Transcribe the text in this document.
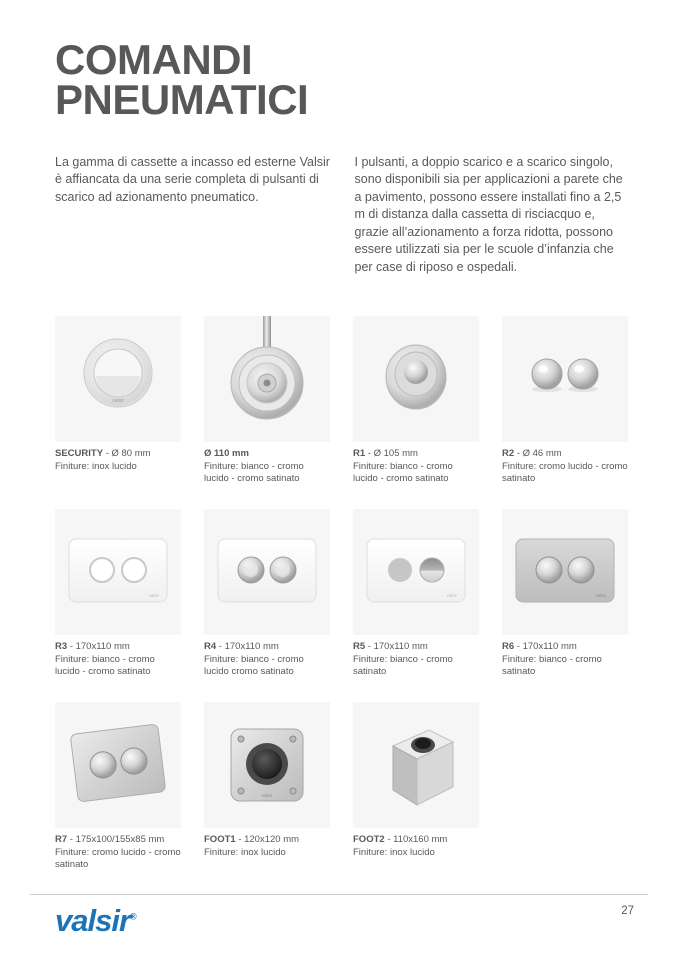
COMANDI
PNEUMATICI

La gamma di cassette a incasso ed esterne Valsir è affiancata da una serie completa di pulsanti di scarico ad azionamento pneumatico.

I pulsanti, a doppio scarico e a scarico singolo, sono disponibili sia per applicazioni a parete che a pavimento, possono essere installati fino a 2,5 m di distanza dalla cassetta di risciacquo e, grazie all’azionamento a forza ridotta, possono essere utilizzati sia per le scuole d’infanzia che per case di riposo e ospedali.

valsir
SECURITY - Ø 80 mm
Finiture: inox lucido
Ø 110 mm
Finiture: bianco - cromo lucido - cromo satinato
R1 - Ø 105 mm
Finiture: bianco - cromo lucido - cromo satinato
R2 - Ø 46 mm
Finiture: cromo lucido - cromo satinato
valsir
R3 - 170x110 mm
Finiture: bianco - cromo lucido - cromo satinato
R4 - 170x110 mm
Finiture: bianco - cromo lucido cromo satinato
valsir
R5 - 170x110 mm
Finiture: bianco - cromo satinato
valsir
R6 - 170x110 mm
Finiture: bianco - cromo satinato
R7 - 175x100/155x85 mm
Finiture: cromo lucido - cromo satinato
valsir
FOOT1 - 120x120 mm
Finiture: inox lucido
FOOT2 - 110x160 mm
Finiture: inox lucido
valsir®	27
